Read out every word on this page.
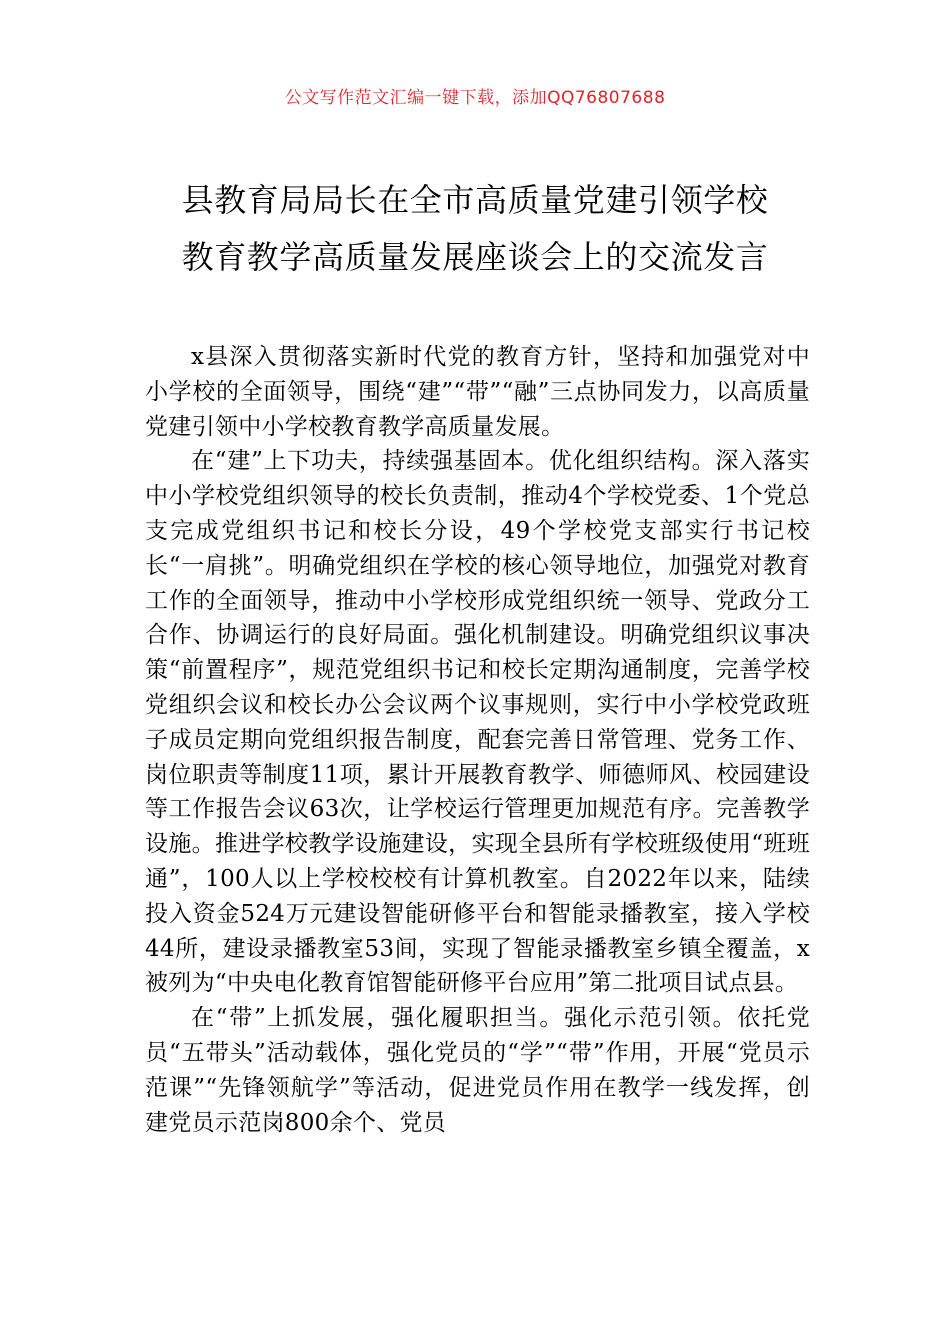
公文写作范文汇编一键下载，添加QQ76807688
县教育局局长在全市高质量党建引领学校
教育教学高质量发展座谈会上的交流发言

x县深入贯彻落实新时代党的教育方针，坚持和加强党对中小学校的全面领导，围绕“建”“带”“融”三点协同发力，以高质量党建引领中小学校教育教学高质量发展。

在“建”上下功夫，持续强基固本。优化组织结构。深入落实中小学校党组织领导的校长负责制，推动4个学校党委、1个党总支完成党组织书记和校长分设，49个学校党支部实行书记校长“一肩挑”。明确党组织在学校的核心领导地位，加强党对教育工作的全面领导，推动中小学校形成党组织统一领导、党政分工合作、协调运行的良好局面。强化机制建设。明确党组织议事决策“前置程序”，规范党组织书记和校长定期沟通制度，完善学校党组织会议和校长办公会议两个议事规则，实行中小学校党政班子成员定期向党组织报告制度，配套完善日常管理、党务工作、岗位职责等制度11项，累计开展教育教学、师德师风、校园建设等工作报告会议63次，让学校运行管理更加规范有序。完善教学设施。推进学校教学设施建设，实现全县所有学校班级使用“班班通”，100人以上学校校校有计算机教室。自2022年以来，陆续投入资金524万元建设智能研修平台和智能录播教室，接入学校44所，建设录播教室53间，实现了智能录播教室乡镇全覆盖，x被列为“中央电化教育馆智能研修平台应用”第二批项目试点县。

在“带”上抓发展，强化履职担当。强化示范引领。依托党员“五带头”活动载体，强化党员的“学”“带”作用，开展“党员示范课”“先锋领航学”等活动，促进党员作用在教学一线发挥，创建党员示范岗800余个、党员
